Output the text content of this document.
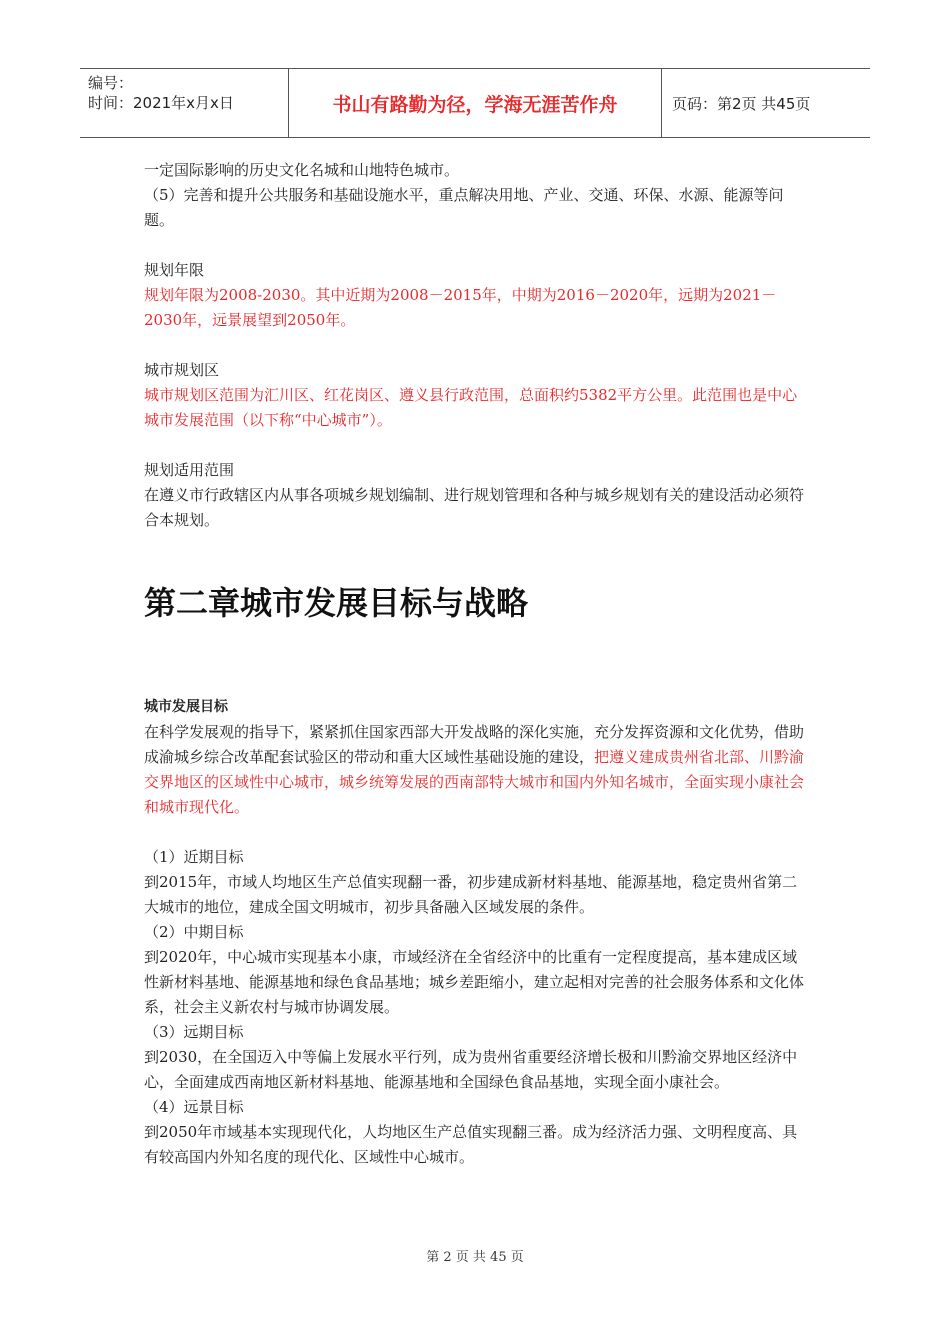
编号：
时间：2021年x月x日	书山有路勤为径，学海无涯苦作舟	页码：第2页 共45页

一定国际影响的历史文化名城和山地特色城市。

（5）完善和提升公共服务和基础设施水平，重点解决用地、产业、交通、环保、水源、能源等问题。

规划年限

规划年限为2008-2030。其中近期为2008－2015年，中期为2016－2020年，远期为2021－2030年，远景展望到2050年。

城市规划区

城市规划区范围为汇川区、红花岗区、遵义县行政范围，总面积约5382平方公里。此范围也是中心城市发展范围（以下称“中心城市”）。

规划适用范围

在遵义市行政辖区内从事各项城乡规划编制、进行规划管理和各种与城乡规划有关的建设活动必须符合本规划。

第二章城市发展目标与战略

城市发展目标

在科学发展观的指导下，紧紧抓住国家西部大开发战略的深化实施，充分发挥资源和文化优势，借助成渝城乡综合改革配套试验区的带动和重大区域性基础设施的建设，把遵义建成贵州省北部、川黔渝交界地区的区域性中心城市，城乡统筹发展的西南部特大城市和国内外知名城市，全面实现小康社会和城市现代化。

（1）近期目标

到2015年，市域人均地区生产总值实现翻一番，初步建成新材料基地、能源基地，稳定贵州省第二大城市的地位，建成全国文明城市，初步具备融入区域发展的条件。

（2）中期目标

到2020年，中心城市实现基本小康，市域经济在全省经济中的比重有一定程度提高，基本建成区域性新材料基地、能源基地和绿色食品基地；城乡差距缩小，建立起相对完善的社会服务体系和文化体系，社会主义新农村与城市协调发展。

（3）远期目标

到2030，在全国迈入中等偏上发展水平行列，成为贵州省重要经济增长极和川黔渝交界地区经济中心，全面建成西南地区新材料基地、能源基地和全国绿色食品基地，实现全面小康社会。

（4）远景目标

到2050年市域基本实现现代化，人均地区生产总值实现翻三番。成为经济活力强、文明程度高、具有较高国内外知名度的现代化、区域性中心城市。

第 2 页 共 45 页
